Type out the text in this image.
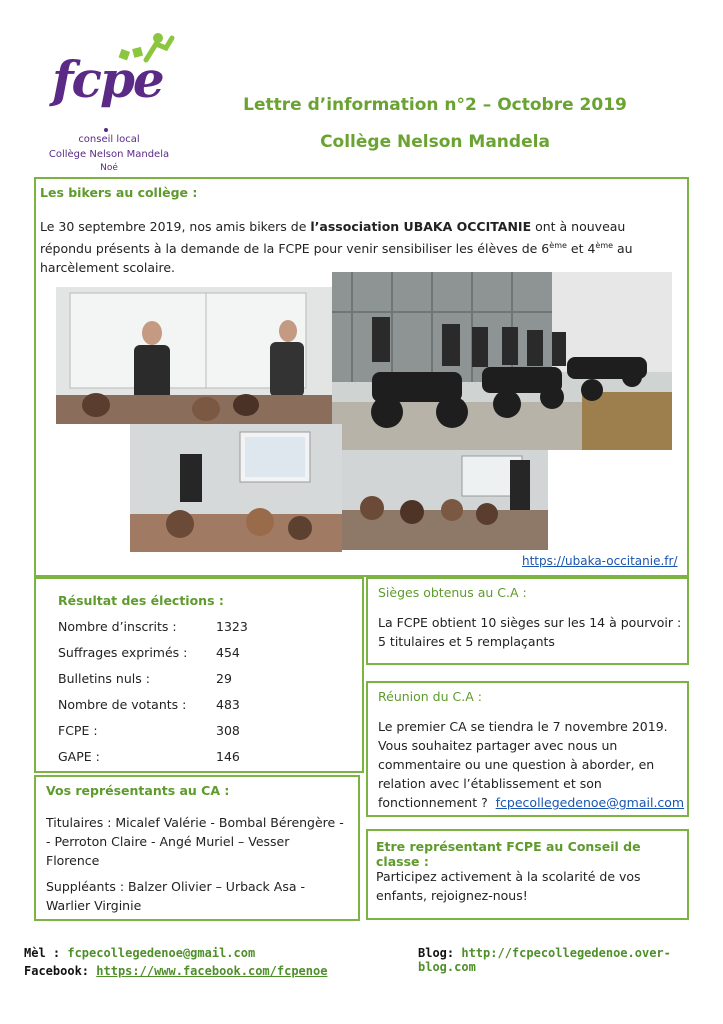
fcpe
conseil local
Collège Nelson Mandela
Noé
Lettre d’information n°2 – Octobre 2019
Collège Nelson Mandela
Les bikers au collège :
Le 30 septembre 2019, nos amis bikers de l’association UBAKA OCCITANIE ont à nouveau répondu présents à la demande de la FCPE pour venir sensibiliser les élèves de 6ème et 4ème au harcèlement scolaire.
https://ubaka-occitanie.fr/
Résultat des élections :
Nombre d’inscrits :	1323
Suffrages exprimés : 454
Bulletins nuls :	29
Nombre de votants : 483
FCPE :	308
GAPE :	146
Sièges obtenus au C.A :
La FCPE obtient 10 sièges sur les 14 à pourvoir : 5 titulaires et 5 remplaçants
Réunion du C.A :
Le premier CA se tiendra le 7 novembre 2019.
Vous souhaitez partager avec nous un
commentaire ou une question à aborder, en
relation avec l’établissement et son
fonctionnement ? fcpecollegedenoe@gmail.com
Vos représentants au CA :
Titulaires : Micalef Valérie - Bombal Bérengère -
- Perroton Claire - Angé Muriel – Vesser
Florence
Suppléants : Balzer Olivier – Urback Asa -
Warlier Virginie
Etre représentant FCPE au Conseil de classe :
Participez activement à la scolarité de vos
enfants, rejoignez-nous!
Mèl : fcpecollegedenoe@gmail.com	Blog: http://fcpecollegedenoe.over-blog.com
Facebook: https://www.facebook.com/fcpenoe
